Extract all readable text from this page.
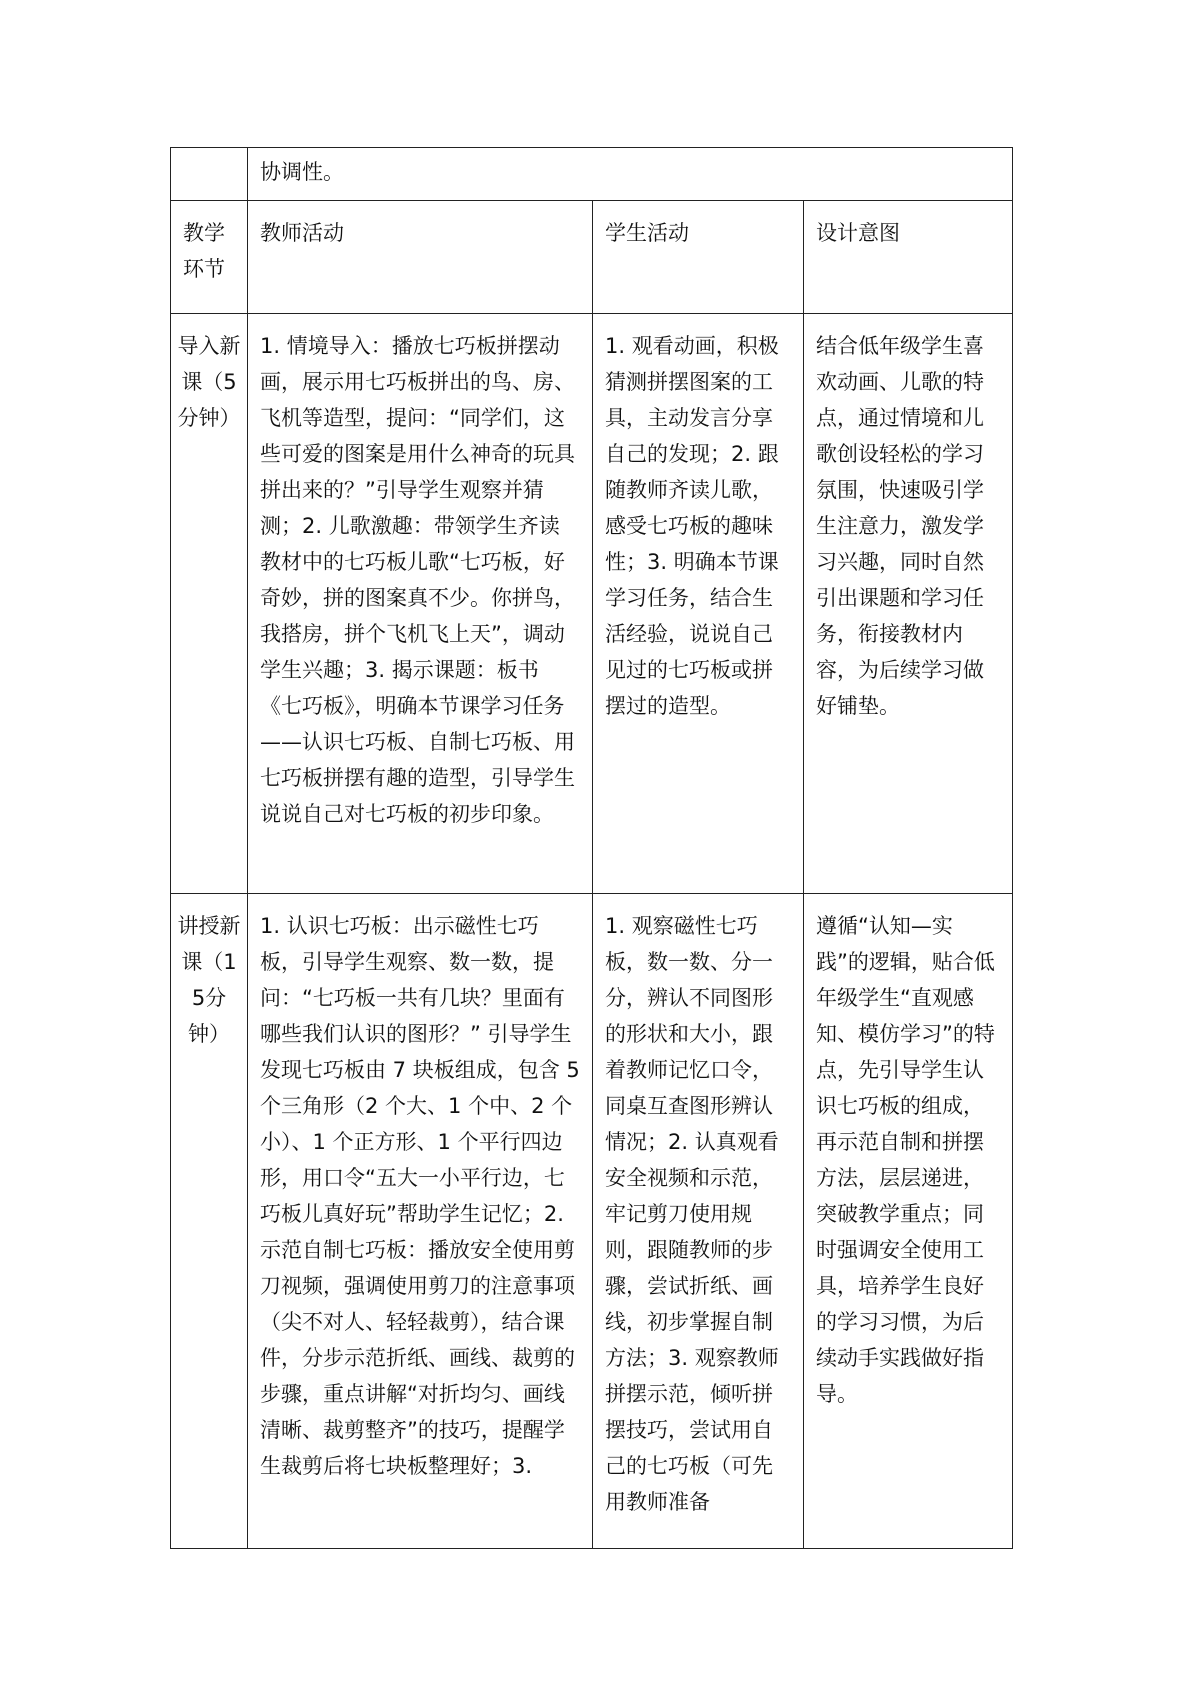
	协调性。		
教学环节	教师活动	学生活动	设计意图
导入新课（5分钟）	1. 情境导入：播放七巧板拼摆动画，展示用七巧板拼出的鸟、房、飞机等造型，提问：“同学们，这些可爱的图案是用什么神奇的玩具拼出来的？”引导学生观察并猜测；2. 儿歌激趣：带领学生齐读教材中的七巧板儿歌“七巧板，好奇妙，拼的图案真不少。你拼鸟，我搭房，拼个飞机飞上天”，调动学生兴趣；3. 揭示课题：板书《七巧板》，明确本节课学习任务——认识七巧板、自制七巧板、用七巧板拼摆有趣的造型，引导学生说说自己对七巧板的初步印象。	1. 观看动画，积极猜测拼摆图案的工具，主动发言分享自己的发现；2. 跟随教师齐读儿歌，感受七巧板的趣味性；3. 明确本节课学习任务，结合生活经验，说说自己见过的七巧板或拼摆过的造型。	结合低年级学生喜欢动画、儿歌的特点，通过情境和儿歌创设轻松的学习氛围，快速吸引学生注意力，激发学习兴趣，同时自然引出课题和学习任务，衔接教材内容，为后续学习做好铺垫。
讲授新课（15分钟）	1. 认识七巧板：出示磁性七巧板，引导学生观察、数一数，提问：“七巧板一共有几块？里面有哪些我们认识的图形？” 引导学生发现七巧板由 7 块板组成，包含 5 个三角形（2 个大、1 个中、2 个小）、1 个正方形、1 个平行四边形，用口令“五大一小平行边，七巧板儿真好玩”帮助学生记忆；2. 示范自制七巧板：播放安全使用剪刀视频，强调使用剪刀的注意事项（尖不对人、轻轻裁剪），结合课件，分步示范折纸、画线、裁剪的步骤，重点讲解“对折均匀、画线清晰、裁剪整齐”的技巧，提醒学生裁剪后将七块板整理好；3.	1. 观察磁性七巧板，数一数、分一分，辨认不同图形的形状和大小，跟着教师记忆口令，同桌互查图形辨认情况；2. 认真观看安全视频和示范，牢记剪刀使用规则，跟随教师的步骤，尝试折纸、画线，初步掌握自制方法；3. 观察教师拼摆示范，倾听拼摆技巧，尝试用自己的七巧板（可先用教师准备	遵循“认知—实践”的逻辑，贴合低年级学生“直观感知、模仿学习”的特点，先引导学生认识七巧板的组成，再示范自制和拼摆方法，层层递进，突破教学重点；同时强调安全使用工具，培养学生良好的学习习惯，为后续动手实践做好指导。
